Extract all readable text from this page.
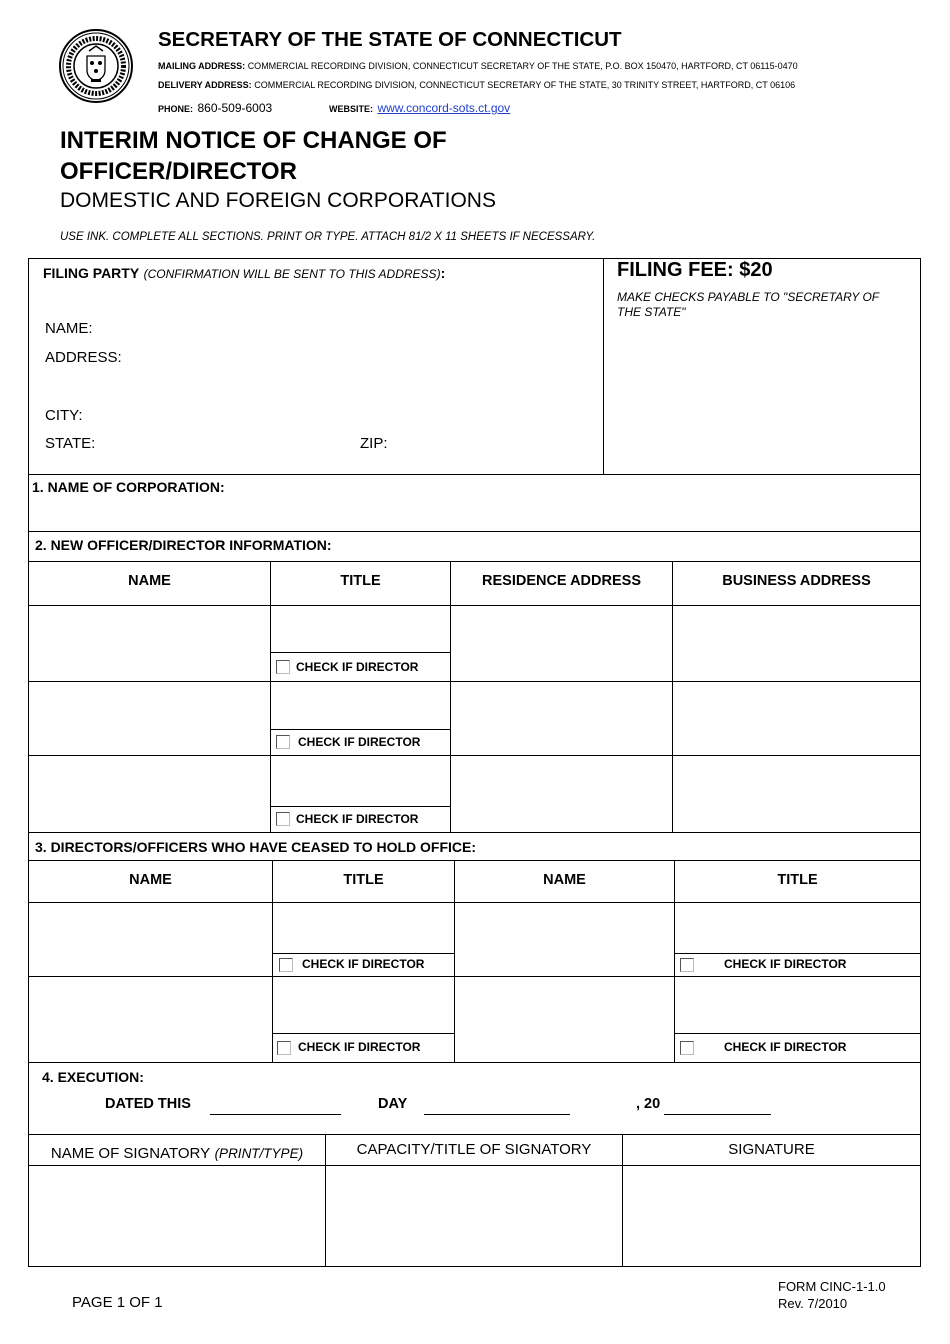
SECRETARY OF THE STATE OF CONNECTICUT
MAILING ADDRESS: COMMERCIAL RECORDING DIVISION, CONNECTICUT SECRETARY OF THE STATE, P.O. BOX 150470, HARTFORD, CT 06115-0470
DELIVERY ADDRESS: COMMERCIAL RECORDING DIVISION, CONNECTICUT SECRETARY OF THE STATE, 30 TRINITY STREET, HARTFORD, CT 06106
PHONE: 860-509-6003	WEBSITE: www.concord-sots.ct.gov
INTERIM NOTICE OF CHANGE OF
OFFICER/DIRECTOR
DOMESTIC AND FOREIGN CORPORATIONS
USE INK. COMPLETE ALL SECTIONS. PRINT OR TYPE. ATTACH 81/2 X 11 SHEETS IF NECESSARY.
FILING PARTY (CONFIRMATION WILL BE SENT TO THIS ADDRESS):
NAME:
ADDRESS:
CITY:
STATE:	ZIP:
FILING FEE: $20
MAKE CHECKS PAYABLE TO "SECRETARY OF THE STATE"
1. NAME OF CORPORATION:
2. NEW OFFICER/DIRECTOR INFORMATION:
NAME	TITLE	RESIDENCE ADDRESS	BUSINESS ADDRESS
CHECK IF DIRECTOR
CHECK IF DIRECTOR
CHECK IF DIRECTOR
3. DIRECTORS/OFFICERS WHO HAVE CEASED TO HOLD OFFICE:
NAME	TITLE	NAME	TITLE
CHECK IF DIRECTOR	CHECK IF DIRECTOR
CHECK IF DIRECTOR	CHECK IF DIRECTOR
4. EXECUTION:
DATED THIS	DAY	, 20
NAME OF SIGNATORY (PRINT/TYPE)	CAPACITY/TITLE OF SIGNATORY	SIGNATURE
PAGE 1 OF 1
FORM CINC-1-1.0
Rev. 7/2010
